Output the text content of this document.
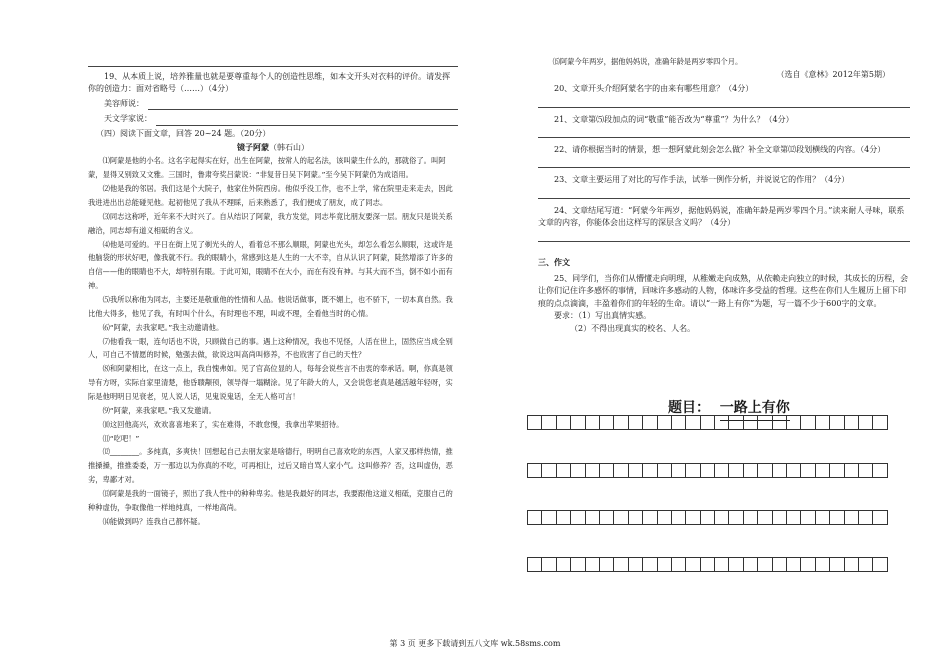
19、从本质上说，培养雅量也就是要尊重每个人的创造性思维，如本文开头对衣料的评价。请发挥你的创造力：面对省略号（……）（4分）

美容师说：
天文学家说：

（四）阅读下面文章，回答 20~24 题。（20分）

镜子阿蒙（韩石山）

⑴阿蒙是他的小名。这名字起得实在好，出生在阿蒙，按常人的起名法，该叫蒙生什么的，那就俗了。叫阿蒙，显得又别致又文雅。三国时，鲁肃夸奖吕蒙说：“非复昔日吴下阿蒙。”至今吴下阿蒙仍为成语用。

⑵他是我的邻居。我们这是个大院子，他家住外院西房。他似乎没工作，也不上学，常在院里走来走去，因此我进进出出总能碰见他。起初他见了我从不理睬，后来熟悉了，我们便成了朋友，成了同志。

⑶同志这称呼，近年来不大时兴了。自从结识了阿蒙，我方发觉，同志毕竟比朋友要深一层。朋友只是说关系融洽，同志却有道义相砥的含义。

⑷他是可爱的。平日在街上见了剃光头的人，看着总不那么顺眼，阿蒙也光头，却怎么看怎么顺眼，这或许是他脑袋的形状好吧，像我就不行。我的眼睛小，常感到这是人生的一大不幸，自从认识了阿蒙，陡然增添了许多的自信——他的眼睛也不大，却特别有眼。于此可知，眼睛不在大小，而在有没有神。与其大而不当，倒不如小而有神。

⑸我所以称他为同志，主要还是敬重他的性情和人品。他说话做事，既不媚上，也不骄下，一切本真自然。我比他大得多，他见了我，有时叫个什么，有时理也不理，叫或不理，全看他当时的心情。

⑹“阿蒙，去我家吧。”我主动邀请他。

⑺他看我一眼，连句话也不说，只顾做自己的事。遇上这种情况，我也不见怪，人活在世上，固然应当成全别人，可自己不情愿的时候，勉强去做，欲说这叫高尚叫修养，不也戕害了自己的天性？

⑻和阿蒙相比，在这一点上，我自愧弗如。见了官高位显的人，每每会说些言不由衷的奉承话。啊，你真是领导有方呀，实际自家里清楚，他昏聩颟顸，领导得一塌糊涂。见了年龄大的人，又会说您老真是越活越年轻呀，实际是他明明日见衰老，见人说人话，见鬼说鬼话，全无人格可言！

⑼“阿蒙，来我家吧。”我又发邀请。

⑽这回他高兴，欢欢喜喜地来了，实在难得，不敢怠慢，我拿出苹果招待。

⑾“吃吧！”

⑿________。多纯真，多爽快！回想起自己去朋友家是啥德行，明明自己喜欢吃的东西，人家又那样热情，推推搡搡，推推委委，万一那边以为你真的不吃，可再相让，过后又暗自骂人家小气。这叫修养？否，这叫虚伪，恶劣，卑鄙才对。

⒀阿蒙是我的一面镜子，照出了我人性中的种种卑劣。他是我最好的同志，我要跟他这道义相砥，克服自己的种种虚伪，争取像他一样地纯真，一样地高尚。

⒁能做到吗？连我自己都怀疑。

⒂阿蒙今年两岁，据他妈妈说，准确年龄是两岁零四个月。

（选自《意林》2012年第5期）

20、文章开头介绍阿蒙名字的由来有哪些用意？（4分）

21、文章第⑸段加点的词“敬重”能否改为“尊重”？为什么？（4分）

22、请你根据当时的情景，想一想阿蒙此刻会怎么做？补全文章第⑿段划横线的内容。（4分）

23、文章主要运用了对比的写作手法，试举一例作分析，并说说它的作用？（4分）

24、文章结尾写道：“阿蒙今年两岁，据他妈妈说，准确年龄是两岁零四个月。”读来耐人寻味，联系文章的内容，你能体会出这样写的深层含义吗？（4分）

三、作文

25、同学们，当你们从懵懂走向明理，从稚嫩走向成熟，从依赖走向独立的时候，其成长的历程，会让你们记住许多感怀的事情，回味许多感动的人物，体味许多受益的哲理。这些在你们人生履历上留下印痕的点点滴滴，丰盈着你们的年轻的生命。请以“一路上有你”为题，写一篇不少于600字的文章。

要求：（1）写出真情实感。

（2）不得出现真实的校名、人名。

题目： 一路上有你
第 3 页 更多下载请到五八文库 wk.58sms.com
